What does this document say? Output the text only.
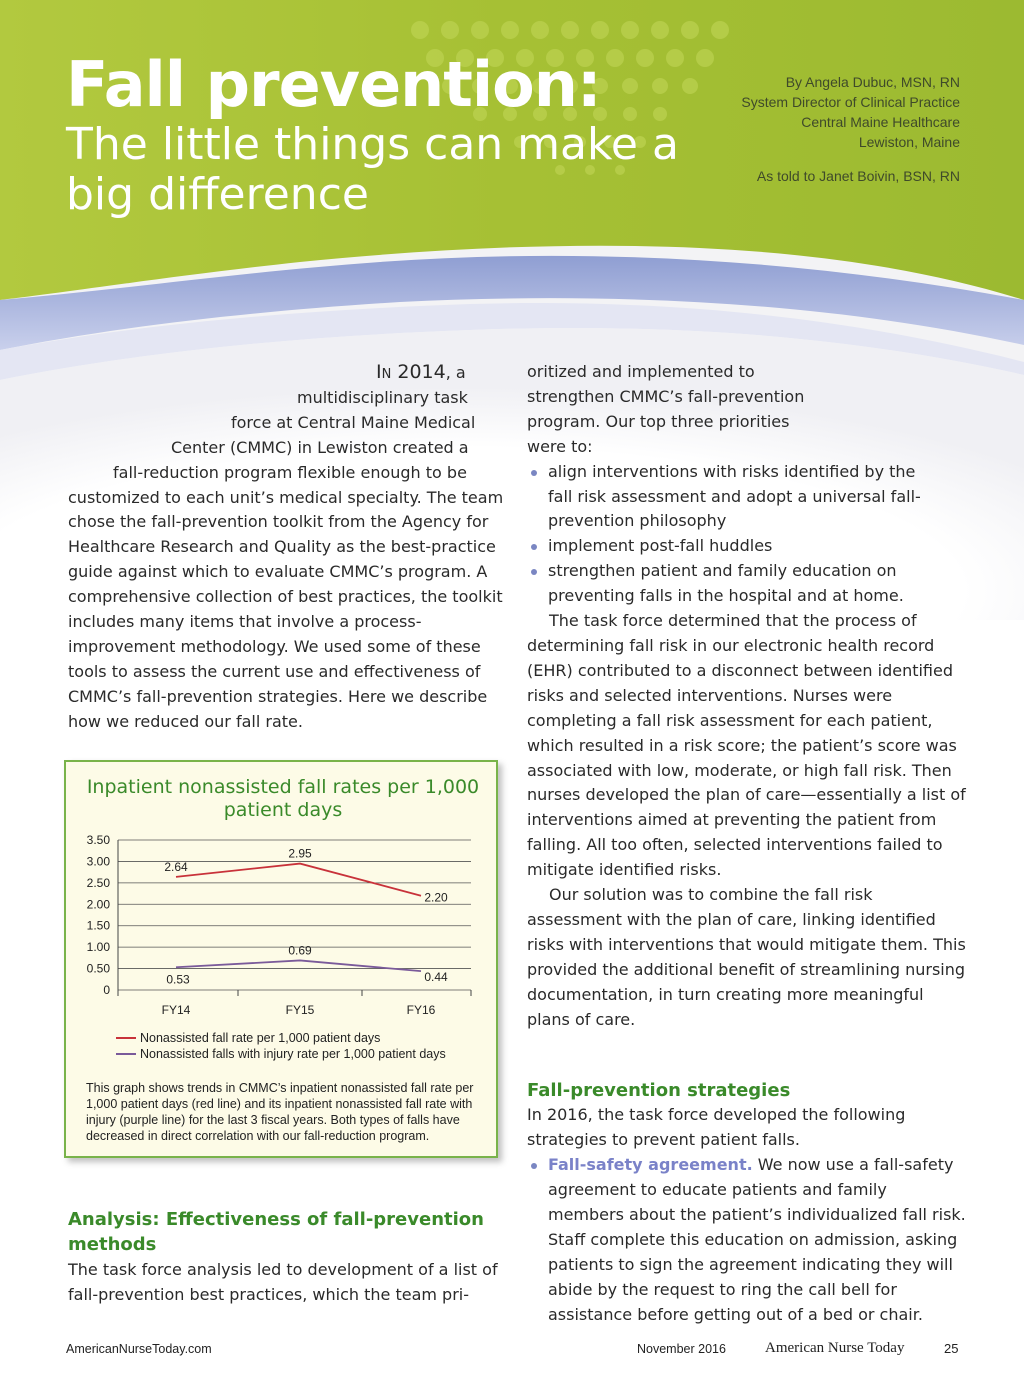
Fall prevention:
The little things can make a big difference
By Angela Dubuc, MSN, RN
System Director of Clinical Practice
Central Maine Healthcare
Lewiston, Maine
As told to Janet Boivin, BSN, RN

In 2014, a

multidisciplinary task

force at Central Maine Medical

Center (CMMC) in Lewiston created a

fall-reduction program flexible enough to be

customized to each unit’s medical specialty. The team chose the fall-prevention toolkit from the Agency for Healthcare Research and Quality as the best-practice guide against which to evaluate CMMC’s program. A comprehensive collection of best practices, the toolkit includes many items that involve a process-improvement methodology. We used some of these tools to assess the current use and effectiveness of CMMC’s fall-prevention strategies. Here we describe how we reduced our fall rate.

Inpatient nonassisted fall rates per 1,000 patient days
0
0.50
1.00
1.50
2.00
2.50
3.00
3.50
FY14	FY15	FY16
2.64
2.95
2.20
0.53
0.69
0.44
Nonassisted fall rate per 1,000 patient days
Nonassisted falls with injury rate per 1,000 patient days
This graph shows trends in CMMC’s inpatient nonassisted fall rate per 1,000 patient days (red line) and its inpatient nonassisted fall rate with injury (purple line) for the last 3 fiscal years. Both types of falls have decreased in direct correlation with our fall-reduction program.
Analysis: Effectiveness of fall-prevention methods
The task force analysis led to development of a list of fall-prevention best practices, which the team pri-

oritized and implemented to strengthen CMMC’s fall-prevention program. Our top three priorities were to:

align interventions with risks identified by the fall risk assessment and adopt a universal fall-prevention philosophy

implement post-fall huddles

strengthen patient and family education on preventing falls in the hospital and at home.

The task force determined that the process of determining fall risk in our electronic health record (EHR) contributed to a disconnect between identified risks and selected interventions. Nurses were completing a fall risk assessment for each patient, which resulted in a risk score; the patient’s score was associated with low, moderate, or high fall risk. Then nurses developed the plan of care—essentially a list of interventions aimed at preventing the patient from falling. All too often, selected interventions failed to mitigate identified risks.

Our solution was to combine the fall risk assessment with the plan of care, linking identified risks with interventions that would mitigate them. This provided the additional benefit of streamlining nursing documentation, in turn creating more meaningful plans of care.

Fall-prevention strategies

In 2016, the task force developed the following strategies to prevent patient falls.

Fall-safety agreement. We now use a fall-safety agreement to educate patients and family members about the patient’s individualized fall risk. Staff complete this education on admission, asking patients to sign the agreement indicating they will abide by the request to ring the call bell for assistance before getting out of a bed or chair.

AmericanNurseToday.com	November 2016	American Nurse Today	25
